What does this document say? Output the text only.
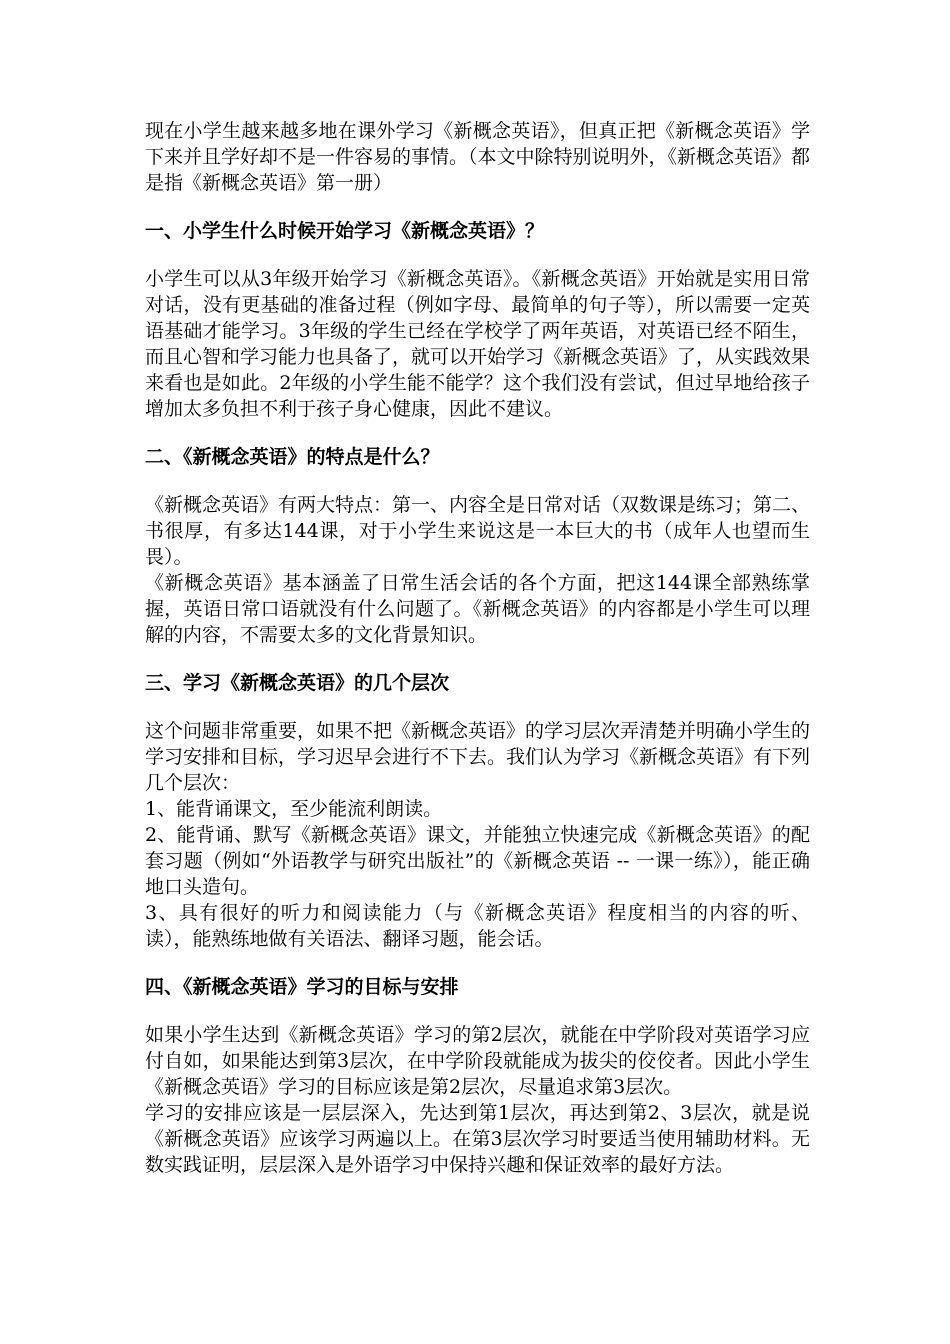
现在小学生越来越多地在课外学习《新概念英语》，但真正把《新概念英语》学下来并且学好却不是一件容易的事情。（本文中除特别说明外，《新概念英语》都是指《新概念英语》第一册）

一、小学生什么时候开始学习《新概念英语》？

小学生可以从3年级开始学习《新概念英语》。《新概念英语》开始就是实用日常对话，没有更基础的准备过程（例如字母、最简单的句子等），所以需要一定英语基础才能学习。3年级的学生已经在学校学了两年英语，对英语已经不陌生，而且心智和学习能力也具备了，就可以开始学习《新概念英语》了，从实践效果来看也是如此。2年级的小学生能不能学？这个我们没有尝试，但过早地给孩子增加太多负担不利于孩子身心健康，因此不建议。

二、《新概念英语》的特点是什么？

《新概念英语》有两大特点：第一、内容全是日常对话（双数课是练习；第二、书很厚，有多达144课，对于小学生来说这是一本巨大的书（成年人也望而生畏）。

《新概念英语》基本涵盖了日常生活会话的各个方面，把这144课全部熟练掌握，英语日常口语就没有什么问题了。《新概念英语》的内容都是小学生可以理解的内容，不需要太多的文化背景知识。

三、学习《新概念英语》的几个层次

这个问题非常重要，如果不把《新概念英语》的学习层次弄清楚并明确小学生的学习安排和目标，学习迟早会进行不下去。我们认为学习《新概念英语》有下列几个层次：

1、能背诵课文，至少能流利朗读。

2、能背诵、默写《新概念英语》课文，并能独立快速完成《新概念英语》的配套习题（例如“外语教学与研究出版社”的《新概念英语 -- 一课一练》），能正确地口头造句。

3、具有很好的听力和阅读能力（与《新概念英语》程度相当的内容的听、读），能熟练地做有关语法、翻译习题，能会话。

四、《新概念英语》学习的目标与安排

如果小学生达到《新概念英语》学习的第2层次，就能在中学阶段对英语学习应付自如，如果能达到第3层次，在中学阶段就能成为拔尖的佼佼者。因此小学生《新概念英语》学习的目标应该是第2层次，尽量追求第3层次。

学习的安排应该是一层层深入，先达到第1层次，再达到第2、3层次，就是说《新概念英语》应该学习两遍以上。在第3层次学习时要适当使用辅助材料。无数实践证明，层层深入是外语学习中保持兴趣和保证效率的最好方法。
